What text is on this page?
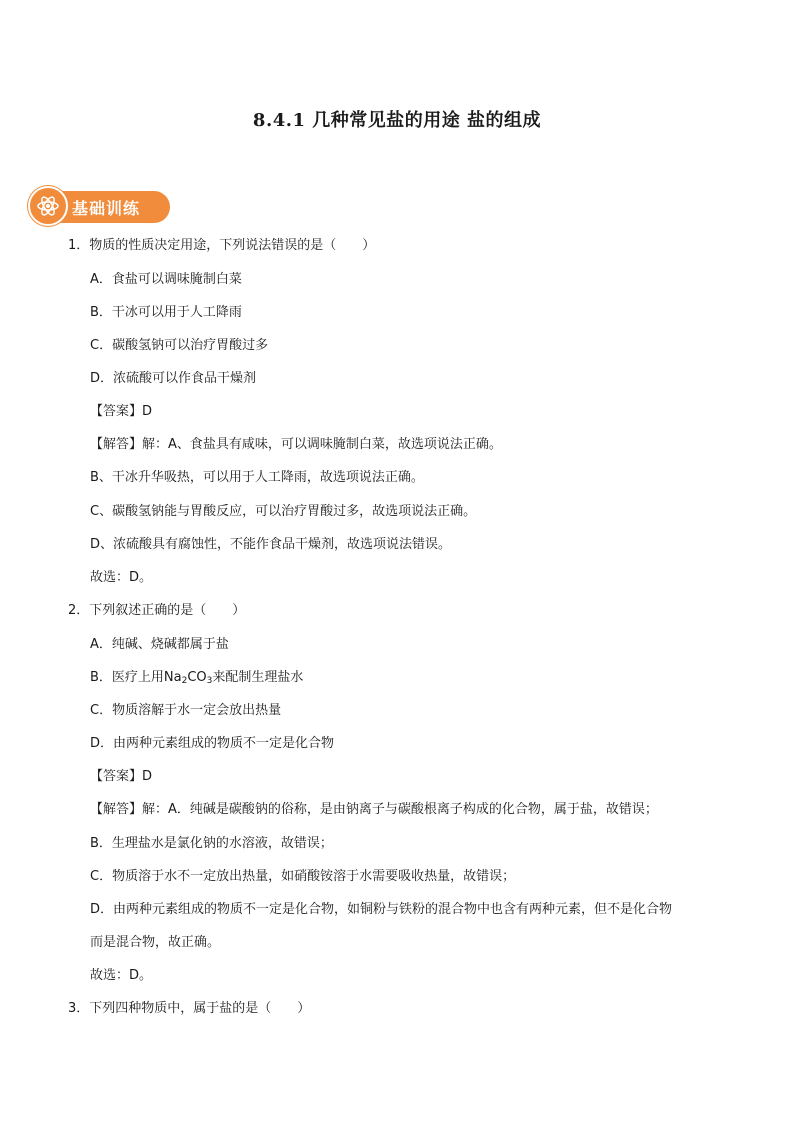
8.4.1 几种常见盐的用途 盐的组成
基础训练
1．物质的性质决定用途，下列说法错误的是（　　）
A．食盐可以调味腌制白菜
B．干冰可以用于人工降雨
C．碳酸氢钠可以治疗胃酸过多
D．浓硫酸可以作食品干燥剂
【答案】D
【解答】解：A、食盐具有咸味，可以调味腌制白菜，故选项说法正确。
B、干冰升华吸热，可以用于人工降雨，故选项说法正确。
C、碳酸氢钠能与胃酸反应，可以治疗胃酸过多，故选项说法正确。
D、浓硫酸具有腐蚀性，不能作食品干燥剂，故选项说法错误。
故选：D。
2．下列叙述正确的是（　　）
A．纯碱、烧碱都属于盐
B．医疗上用$Na_2CO_3$来配制生理盐水
C．物质溶解于水一定会放出热量
D．由两种元素组成的物质不一定是化合物
【答案】D
【解答】解：A．纯碱是碳酸钠的俗称，是由钠离子与碳酸根离子构成的化合物，属于盐，故错误；
B．生理盐水是氯化钠的水溶液，故错误；
C．物质溶于水不一定放出热量，如硝酸铵溶于水需要吸收热量，故错误；
D．由两种元素组成的物质不一定是化合物，如铜粉与铁粉的混合物中也含有两种元素，但不是化合物
而是混合物，故正确。
故选：D。
3．下列四种物质中，属于盐的是（　　）
